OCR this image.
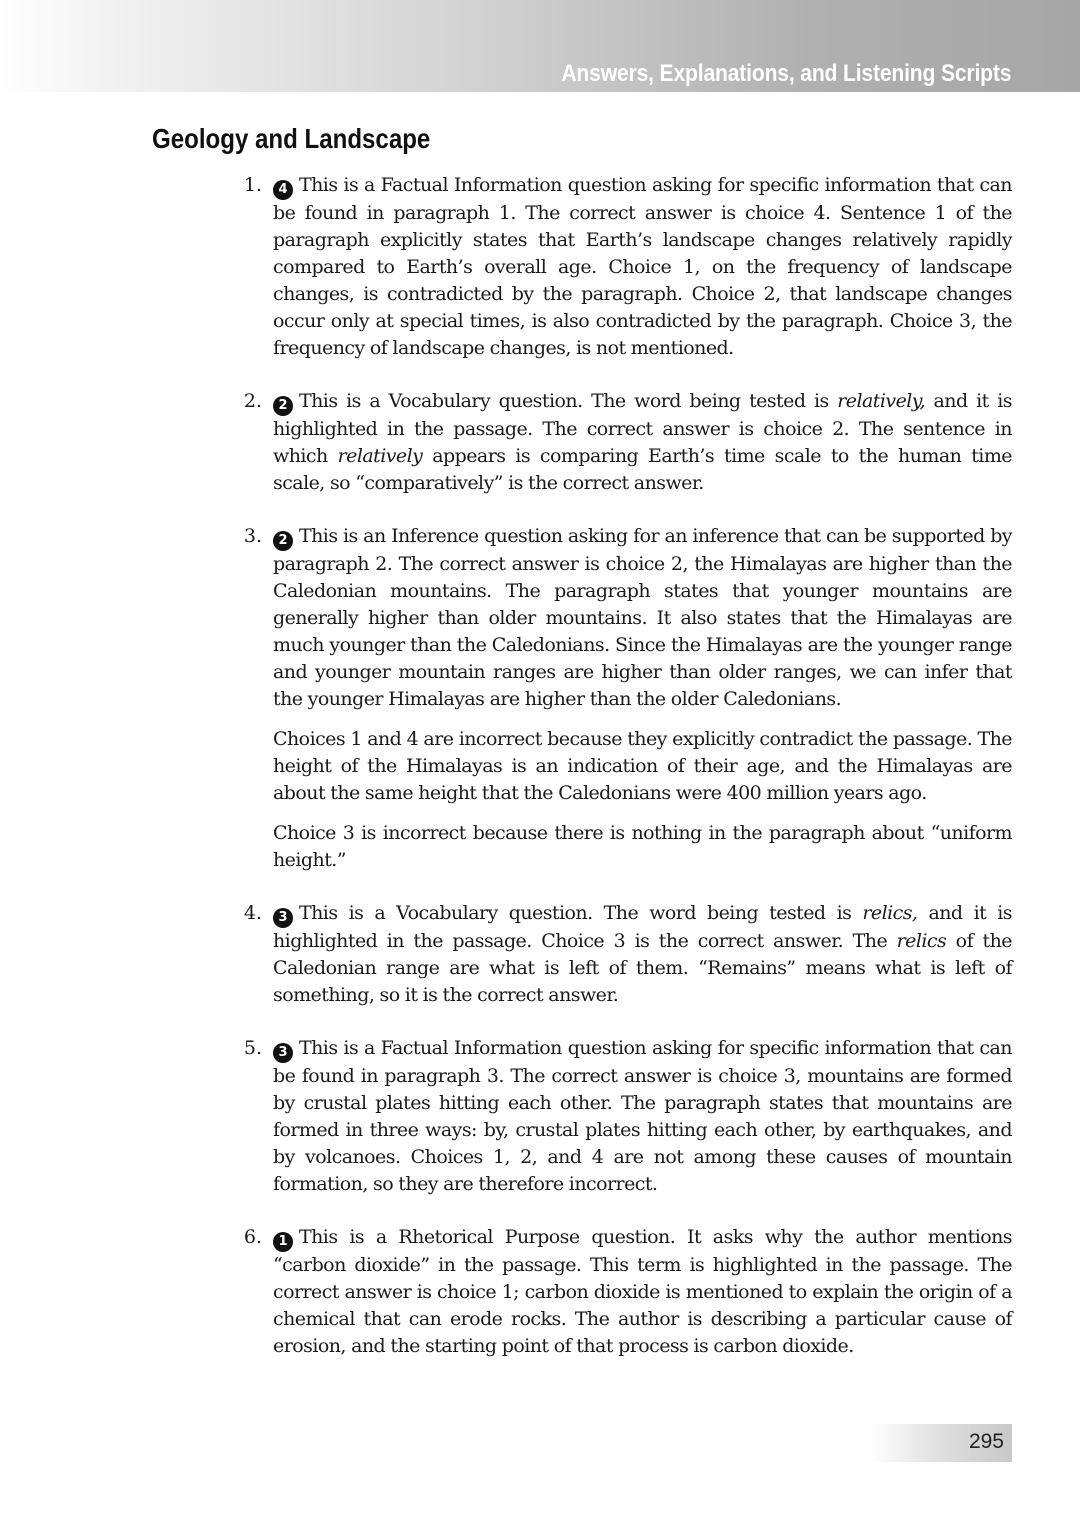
Answers, Explanations, and Listening Scripts
Geology and Landscape
1.	4 This is a Factual Information question asking for specific information that can be found in paragraph 1. The correct answer is choice 4. Sentence 1 of the paragraph explicitly states that Earth’s landscape changes relatively rapidly compared to Earth’s overall age. Choice 1, on the frequency of landscape changes, is contradicted by the paragraph. Choice 2, that landscape changes occur only at special times, is also contradicted by the paragraph. Choice 3, the frequency of landscape changes, is not mentioned.

2.	2 This is a Vocabulary question. The word being tested is relatively, and it is highlighted in the passage. The correct answer is choice 2. The sentence in which relatively appears is comparing Earth’s time scale to the human time scale, so “comparatively” is the correct answer.

3.	2 This is an Inference question asking for an inference that can be supported by paragraph 2. The correct answer is choice 2, the Himalayas are higher than the Caledonian mountains. The paragraph states that younger mountains are generally higher than older mountains. It also states that the Himalayas are much younger than the Caledonians. Since the Himalayas are the younger range and younger mountain ranges are higher than older ranges, we can infer that the younger Himalayas are higher than the older Caledonians.

Choices 1 and 4 are incorrect because they explicitly contradict the passage. The height of the Himalayas is an indication of their age, and the Himalayas are about the same height that the Caledonians were 400 million years ago.

Choice 3 is incorrect because there is nothing in the paragraph about “uniform height.”

4.	3 This is a Vocabulary question. The word being tested is relics, and it is highlighted in the passage. Choice 3 is the correct answer. The relics of the Caledonian range are what is left of them. “Remains” means what is left of something, so it is the correct answer.

5.	3 This is a Factual Information question asking for specific information that can be found in paragraph 3. The correct answer is choice 3, mountains are formed by crustal plates hitting each other. The paragraph states that mountains are formed in three ways: by, crustal plates hitting each other, by earthquakes, and by volcanoes. Choices 1, 2, and 4 are not among these causes of mountain formation, so they are therefore incorrect.

6.	1 This is a Rhetorical Purpose question. It asks why the author mentions “carbon dioxide” in the passage. This term is highlighted in the passage. The correct answer is choice 1; carbon dioxide is mentioned to explain the origin of a chemical that can erode rocks. The author is describing a particular cause of erosion, and the starting point of that process is carbon dioxide.

295
